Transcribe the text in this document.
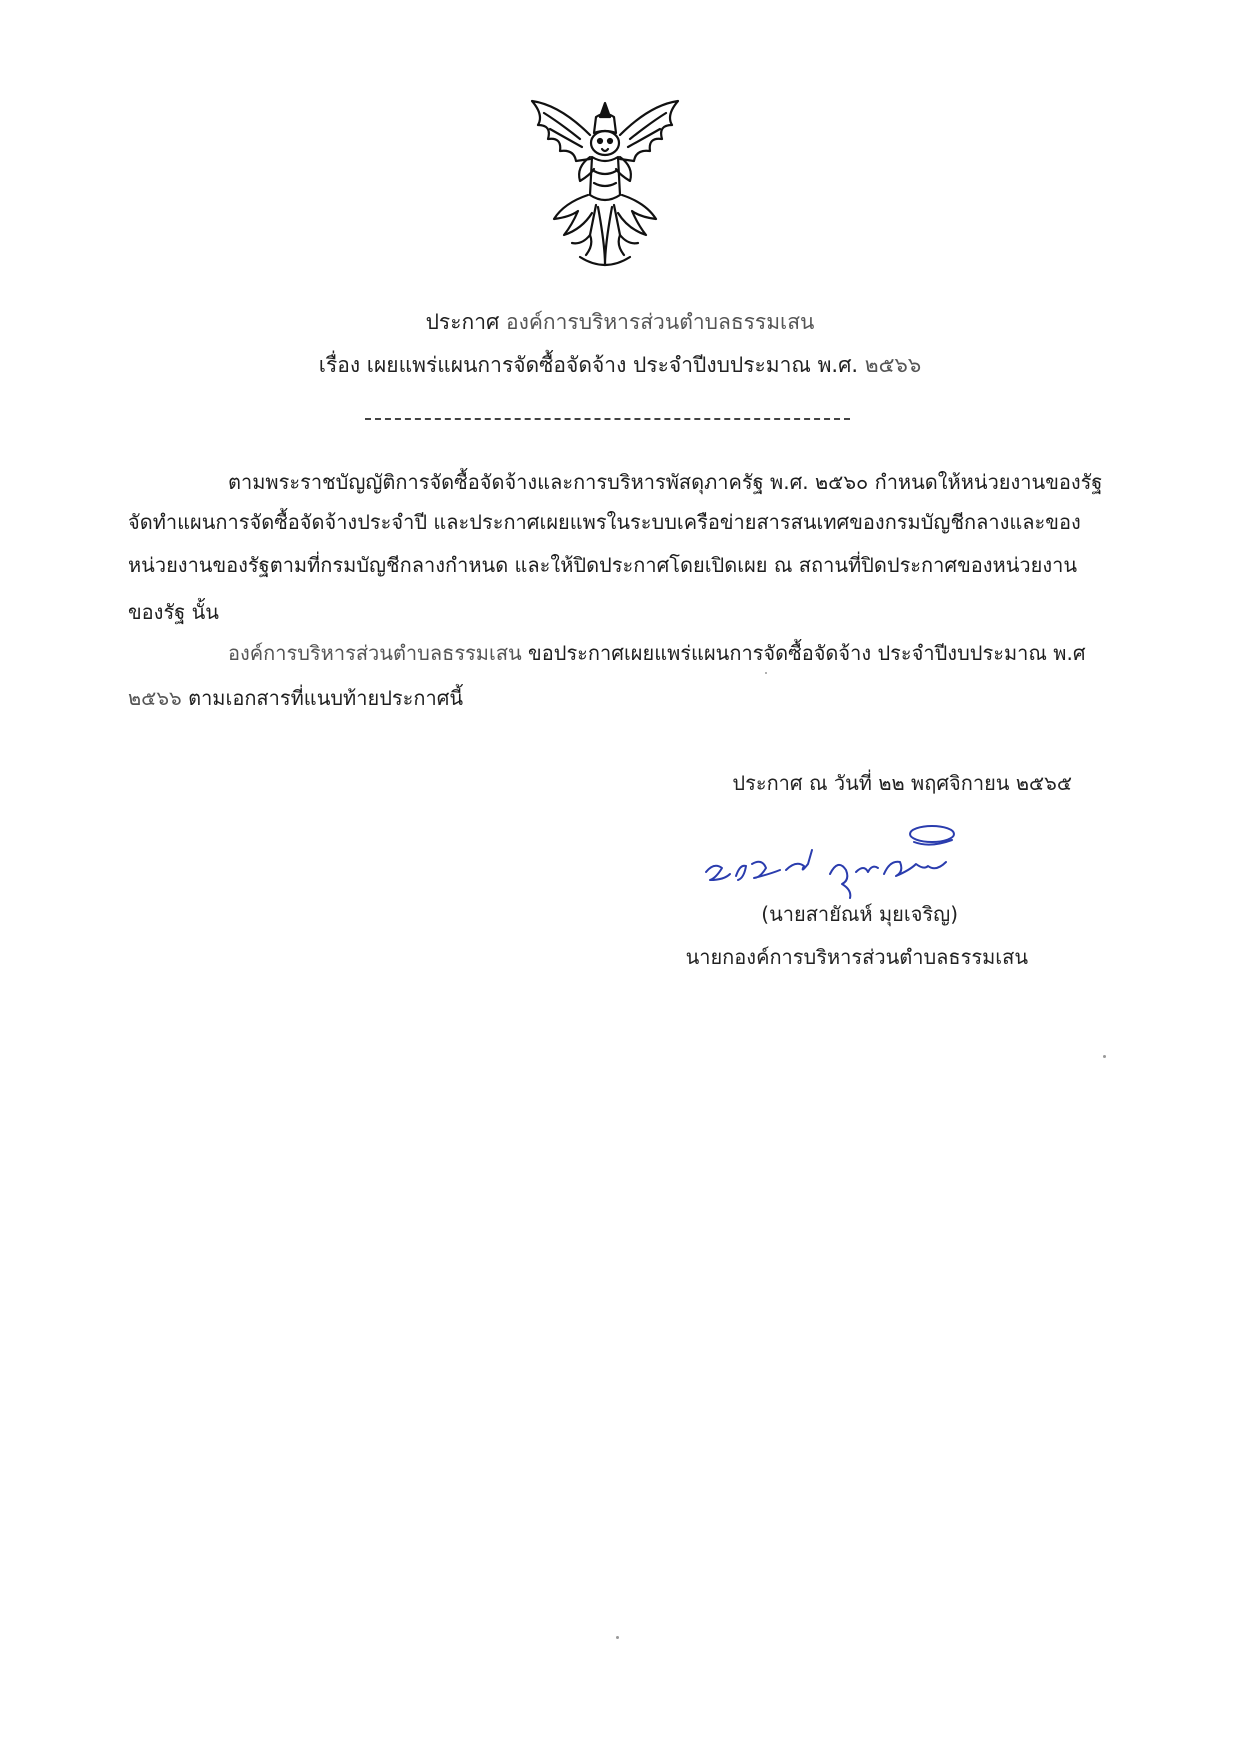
ประกาศ องค์การบริหารส่วนตำบลธรรมเสน
เรื่อง เผยแพร่แผนการจัดซื้อจัดจ้าง ประจำปีงบประมาณ พ.ศ. ๒๕๖๖
ตามพระราชบัญญัติการจัดซื้อจัดจ้างและการบริหารพัสดุภาครัฐ พ.ศ. ๒๕๖๐ กำหนดให้หน่วยงานของรัฐ
จัดทำแผนการจัดซื้อจัดจ้างประจำปี และประกาศเผยแพรในระบบเครือข่ายสารสนเทศของกรมบัญชีกลางและของ
หน่วยงานของรัฐตามที่กรมบัญชีกลางกำหนด และให้ปิดประกาศโดยเปิดเผย ณ สถานที่ปิดประกาศของหน่วยงาน
ของรัฐ นั้น
องค์การบริหารส่วนตำบลธรรมเสน ขอประกาศเผยแพร่แผนการจัดซื้อจัดจ้าง ประจำปีงบประมาณ พ.ศ
๒๕๖๖ ตามเอกสารที่แนบท้ายประกาศนี้
ประกาศ ณ วันที่ ๒๒ พฤศจิกายน ๒๕๖๕
(นายสายัณห์ มุยเจริญ)
นายกองค์การบริหารส่วนตำบลธรรมเสน
